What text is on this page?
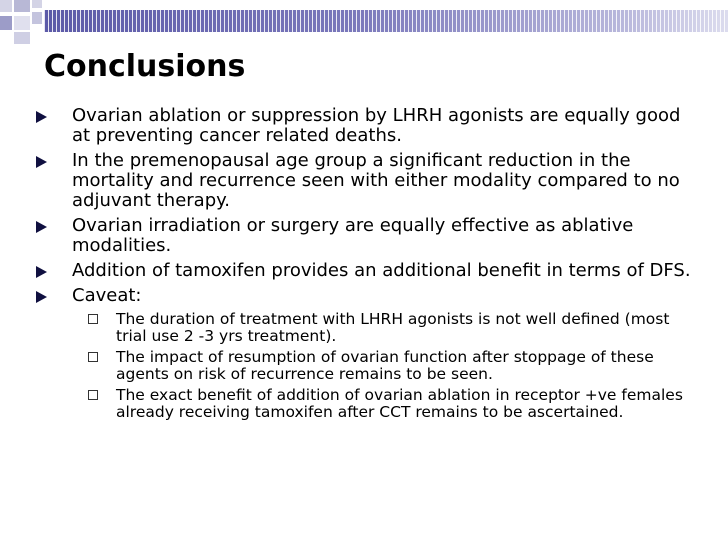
Conclusions
Ovarian ablation or suppression by LHRH agonists are equally good at preventing cancer related deaths.
In the premenopausal age group a significant reduction in the mortality and recurrence seen with either modality compared to no adjuvant therapy.
Ovarian irradiation or surgery are equally effective as ablative modalities.
Addition of tamoxifen provides an additional benefit in terms of DFS.
Caveat:
The duration of treatment with LHRH agonists is not well defined (most trial use 2 -3 yrs treatment).
The impact of resumption of ovarian function after stoppage of these agents on risk of recurrence remains to be seen.
The exact benefit of addition of ovarian ablation in receptor +ve females already receiving tamoxifen after CCT remains to be ascertained.
